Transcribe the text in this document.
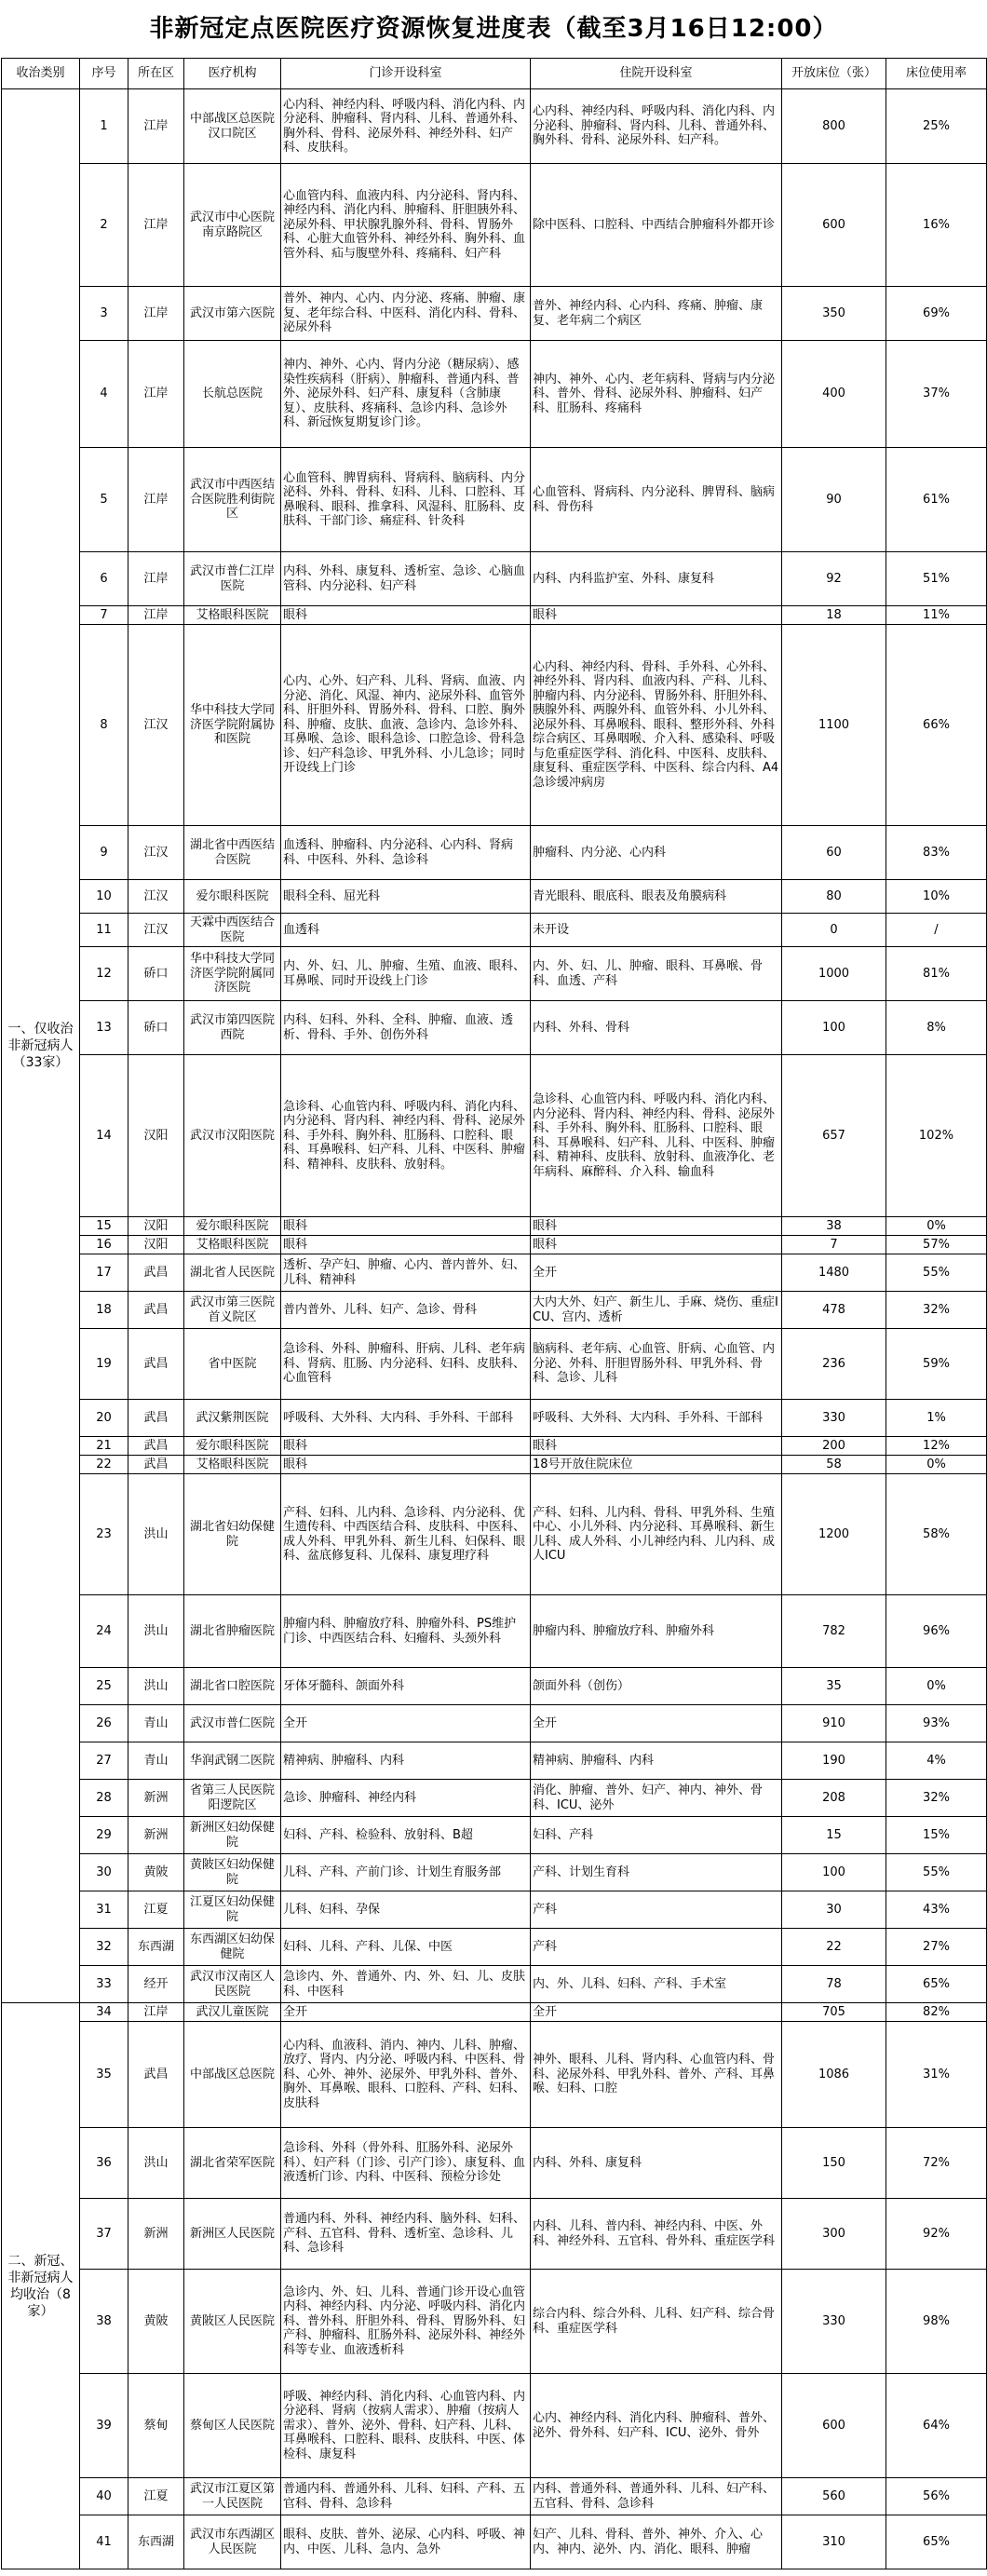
非新冠定点医院医疗资源恢复进度表（截至3月16日12:00）
收治类别	序号	所在区	医疗机构	门诊开设科室	住院开设科室	开放床位（张）	床位使用率
一、仅收治非新冠病人（33家）	1	江岸	中部战区总医院汉口院区	心内科、神经内科、呼吸内科、消化内科、内分泌科、肿瘤科、肾内科、儿科、普通外科、胸外科、骨科、泌尿外科、神经外科、妇产科、皮肤科。	心内科、神经内科、呼吸内科、消化内科、内分泌科、肿瘤科、肾内科、儿科、普通外科、胸外科、骨科、泌尿外科、妇产科。	800	25%
	2	江岸	武汉市中心医院南京路院区	心血管内科、血液内科、内分泌科、肾内科、神经内科、消化内科、肿瘤科、肝胆胰外科、泌尿外科、甲状腺乳腺外科、骨科、胃肠外科、心脏大血管外科、神经外科、胸外科、血管外科、疝与腹壁外科、疼痛科、妇产科	除中医科、口腔科、中西结合肿瘤科外都开诊	600	16%
	3	江岸	武汉市第六医院	普外、神内、心内、内分泌、疼痛、肿瘤、康复、老年综合科、中医科、消化内科、骨科、泌尿外科	普外、神经内科、心内科、疼痛、肿瘤、康复、老年病二个病区	350	69%
	4	江岸	长航总医院	神内、神外、心内、肾内分泌（糖尿病）、感染性疾病科（肝病）、肿瘤科、普通内科、普外、泌尿外科、妇产科、康复科（含肺康复）、皮肤科、疼痛科、急诊内科、急诊外科、新冠恢复期复诊门诊。	神内、神外、心内、老年病科、肾病与内分泌科、普外、骨科、泌尿外科、肿瘤科、妇产科、肛肠科、疼痛科	400	37%
	5	江岸	武汉市中西医结合医院胜利街院区	心血管科、脾胃病科、肾病科、脑病科、内分泌科、外科、骨科、妇科、儿科、口腔科、耳鼻喉科、眼科、推拿科、风湿科、肛肠科、皮肤科、干部门诊、痛症科、针灸科	心血管科、肾病科、内分泌科、脾胃科、脑病科、骨伤科	90	61%
	6	江岸	武汉市普仁江岸医院	内科、外科、康复科、透析室、急诊、心脑血管科、内分泌科、妇产科	内科、内科监护室、外科、康复科	92	51%
	7	江岸	艾格眼科医院	眼科	眼科	18	11%
	8	江汉	华中科技大学同济医学院附属协和医院	心内、心外、妇产科、儿科、肾病、血液、内分泌、消化、风湿、神内、泌尿外科、血管外科、肝胆外科、胃肠外科、骨科、口腔、胸外科、肿瘤、皮肤、血液、急诊内、急诊外科、耳鼻喉、急诊、眼科急诊、口腔急诊、骨科急诊、妇产科急诊、甲乳外科、小儿急诊；同时开设线上门诊	心内科、神经内科、骨科、手外科、心外科、神经外科、肾内科、血液内科、产科、儿科、肿瘤内科、内分泌科、胃肠外科、肝胆外科、胰腺外科、两腺外科、血管外科、小儿外科、泌尿外科、耳鼻喉科、眼科、整形外科、外科综合病区、耳鼻咽喉、介入科、感染科、呼吸与危重症医学科、消化科、中医科、皮肤科、康复科、重症医学科、中医科、综合内科、A4急诊缓冲病房	1100	66%
	9	江汉	湖北省中西医结合医院	血透科、肿瘤科、内分泌科、心内科、肾病科、中医科、外科、急诊科	肿瘤科、内分泌、心内科	60	83%
	10	江汉	爱尔眼科医院	眼科全科、屈光科	青光眼科、眼底科、眼表及角膜病科	80	10%
	11	江汉	天霖中西医结合医院	血透科	未开设	0	/
	12	硚口	华中科技大学同济医学院附属同济医院	内、外、妇、儿、肿瘤、生殖、血液、眼科、耳鼻喉、同时开设线上门诊	内、外、妇、儿、肿瘤、眼科、耳鼻喉、骨科、血透、产科	1000	81%
	13	硚口	武汉市第四医院西院	内科、妇科、外科、全科、肿瘤、血液、透析、骨科、手外、创伤外科	内科、外科、骨科	100	8%
	14	汉阳	武汉市汉阳医院	急诊科、心血管内科、呼吸内科、消化内科、内分泌科、肾内科、神经内科、骨科、泌尿外科、手外科、胸外科、肛肠科、口腔科、眼科、耳鼻喉科、妇产科、儿科、中医科、肿瘤科、精神科、皮肤科、放射科。	急诊科、心血管内科、呼吸内科、消化内科、内分泌科、肾内科、神经内科、骨科、泌尿外科、手外科、胸外科、肛肠科、口腔科、眼科、耳鼻喉科、妇产科、儿科、中医科、肿瘤科、精神科、皮肤科、放射科、血液净化、老年病科、麻醉科、介入科、输血科	657	102%
	15	汉阳	爱尔眼科医院	眼科	眼科	38	0%
	16	汉阳	艾格眼科医院	眼科	眼科	7	57%
	17	武昌	湖北省人民医院	透析、孕产妇、肿瘤、心内、普内普外、妇、儿科、精神科	全开	1480	55%
	18	武昌	武汉市第三医院首义院区	普内普外、儿科、妇产、急诊、骨科	大内大外、妇产、新生儿、手麻、烧伤、重症ICU、宫内、透析	478	32%
	19	武昌	省中医院	急诊科、外科、肿瘤科、肝病、儿科、老年病科、肾病、肛肠、内分泌科、妇科、皮肤科、心血管科	脑病科、老年病、心血管、肝病、心血管、内分泌、外科、肝胆胃肠外科、甲乳外科、骨科、急诊、儿科	236	59%
	20	武昌	武汉紫荆医院	呼吸科、大外科、大内科、手外科、干部科	呼吸科、大外科、大内科、手外科、干部科	330	1%
	21	武昌	爱尔眼科医院	眼科	眼科	200	12%
	22	武昌	艾格眼科医院	眼科	18号开放住院床位	58	0%
	23	洪山	湖北省妇幼保健院	产科、妇科、儿内科、急诊科、内分泌科、优生遗传科、中西医结合科、皮肤科、中医科、成人外科、甲乳外科、新生儿科、妇保科、眼科、盆底修复科、儿保科、康复理疗科	产科、妇科、儿内科、骨科、甲乳外科、生殖中心、小儿外科、内分泌科、耳鼻喉科、新生儿科、成人外科、小儿神经内科、儿内科、成人ICU	1200	58%
	24	洪山	湖北省肿瘤医院	肿瘤内科、肿瘤放疗科、肿瘤外科、PS维护门诊、中西医结合科、妇瘤科、头颈外科	肿瘤内科、肿瘤放疗科、肿瘤外科	782	96%
	25	洪山	湖北省口腔医院	牙体牙髓科、颌面外科	颌面外科（创伤）	35	0%
	26	青山	武汉市普仁医院	全开	全开	910	93%
	27	青山	华润武钢二医院	精神病、肿瘤科、内科	精神病、肿瘤科、内科	190	4%
	28	新洲	省第三人民医院阳逻院区	急诊、肿瘤科、神经内科	消化、肿瘤、普外、妇产、神内、神外、骨科、ICU、泌外	208	32%
	29	新洲	新洲区妇幼保健院	妇科、产科、检验科、放射科、B超	妇科、产科	15	15%
	30	黄陂	黄陂区妇幼保健院	儿科、产科、产前门诊、计划生育服务部	产科、计划生育科	100	55%
	31	江夏	江夏区妇幼保健院	儿科、妇科、孕保	产科	30	43%
	32	东西湖	东西湖区妇幼保健院	妇科、儿科、产科、儿保、中医	产科	22	27%
	33	经开	武汉市汉南区人民医院	急诊内、外、普通外、内、外、妇、儿、皮肤科、中医科	内、外、儿科、妇科、产科、手术室	78	65%
二、新冠、非新冠病人均收治（8家）	34	江岸	武汉儿童医院	全开	全开	705	82%
	35	武昌	中部战区总医院	心内科、血液科、消内、神内、儿科、肿瘤、放疗、肾内、内分泌、呼吸内科、中医科、骨科、心外、神外、泌尿外、甲乳外科、普外、胸外、耳鼻喉、眼科、口腔科、产科、妇科、皮肤科	神外、眼科、儿科、肾内科、心血管内科、骨科、泌尿外科、甲乳外科、普外、产科、耳鼻喉、妇科、口腔	1086	31%
	36	洪山	湖北省荣军医院	急诊科、外科（骨外科、肛肠外科、泌尿外科）、妇产科（门诊、引产门诊）、康复科、血液透析门诊、内科、中医科、预检分诊处	内科、外科、康复科	150	72%
	37	新洲	新洲区人民医院	普通内科、外科、神经内科、脑外科、妇科、产科、五官科、骨科、透析室、急诊科、儿科、急诊科	内科、儿科、普内科、神经内科、中医、外科、神经外科、五官科、骨外科、重症医学科	300	92%
	38	黄陂	黄陂区人民医院	急诊内、外、妇、儿科、普通门诊开设心血管内科、神经内科、内分泌、呼吸内科、消化内科、普外科、肝胆外科、骨科、胃肠外科、妇产科、肿瘤科、肛肠外科、泌尿外科、神经外科等专业、血液透析科	综合内科、综合外科、儿科、妇产科、综合骨科、重症医学科	330	98%
	39	蔡甸	蔡甸区人民医院	呼吸、神经内科、消化内科、心血管内科、内分泌科、肾病（按病人需求）、肿瘤（按病人需求）、普外、泌外、骨科、妇产科、儿科、耳鼻喉科、口腔科、眼科、皮肤科、中医、体检科、康复科	心内、神经内科、消化内科、肿瘤科、普外、泌外、骨外科、妇产科、ICU、泌外、骨外	600	64%
	40	江夏	武汉市江夏区第一人民医院	普通内科、普通外科、儿科、妇科、产科、五官科、骨科、急诊科	内科、普通外科、普通外科、儿科、妇产科、五官科、骨科、急诊科	560	56%
	41	东西湖	武汉市东西湖区人民医院	眼科、皮肤、普外、泌尿、心内科、呼吸、神内、中医、儿科、急内、急外	妇产、儿科、骨科、普外、神外、介入、心内、神内、泌外、内、消化、眼科、肿瘤	310	65%
